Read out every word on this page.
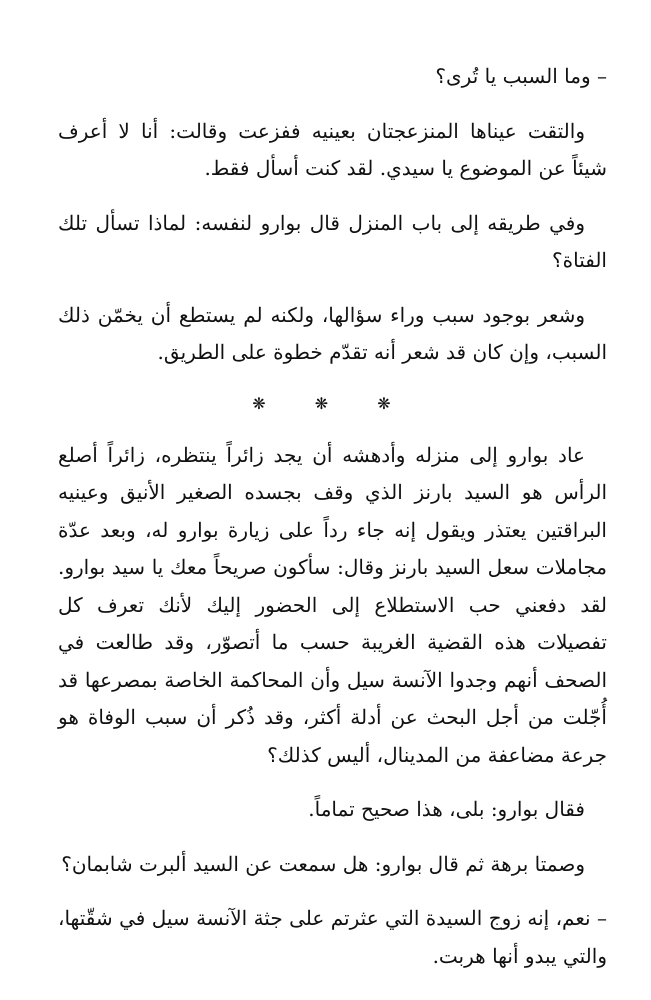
– وما السبب يا تُرى؟

والتقت عيناها المنزعجتان بعينيه ففزعت وقالت: أنا لا أعرف شيئاً عن الموضوع يا سيدي. لقد كنت أسأل فقط.

وفي طريقه إلى باب المنزل قال بوارو لنفسه: لماذا تسأل تلك الفتاة؟

وشعر بوجود سبب وراء سؤالها، ولكنه لم يستطع أن يخمّن ذلك السبب، وإن كان قد شعر أنه تقدّم خطوة على الطريق.

❋ ❋ ❋

عاد بوارو إلى منزله وأدهشه أن يجد زائراً ينتظره، زائراً أصلع الرأس هو السيد بارنز الذي وقف بجسده الصغير الأنيق وعينيه البراقتين يعتذر ويقول إنه جاء رداً على زيارة بوارو له، وبعد عدّة مجاملات سعل السيد بارنز وقال: سأكون صريحاً معك يا سيد بوارو. لقد دفعني حب الاستطلاع إلى الحضور إليك لأنك تعرف كل تفصيلات هذه القضية الغريبة حسب ما أتصوّر، وقد طالعت في الصحف أنهم وجدوا الآنسة سيل وأن المحاكمة الخاصة بمصرعها قد أُجّلت من أجل البحث عن أدلة أكثر، وقد ذُكر أن سبب الوفاة هو جرعة مضاعفة من المدينال، أليس كذلك؟

فقال بوارو: بلى، هذا صحيح تماماً.

وصمتا برهة ثم قال بوارو: هل سمعت عن السيد ألبرت شابمان؟

– نعم، إنه زوج السيدة التي عثرتم على جثة الآنسة سيل في شقّتها، والتي يبدو أنها هربت.
